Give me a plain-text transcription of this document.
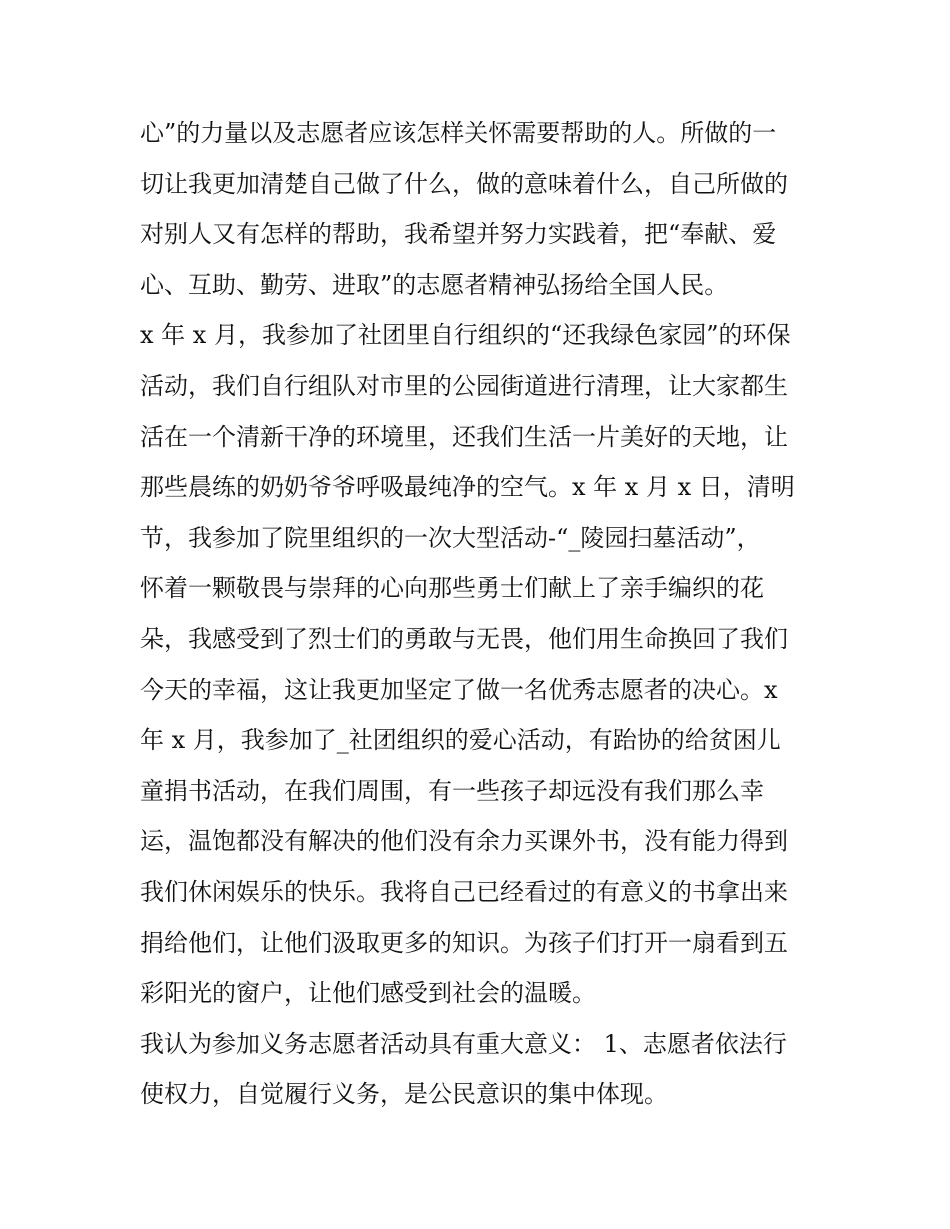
心”的力量以及志愿者应该怎样关怀需要帮助的人。所做的一
切让我更加清楚自己做了什么，做的意味着什么，自己所做的
对别人又有怎样的帮助，我希望并努力实践着，把“奉献、爱
心、互助、勤劳、进取”的志愿者精神弘扬给全国人民。
x 年 x 月，我参加了社团里自行组织的“还我绿色家园”的环保
活动，我们自行组队对市里的公园街道进行清理，让大家都生
活在一个清新干净的环境里，还我们生活一片美好的天地，让
那些晨练的奶奶爷爷呼吸最纯净的空气。x 年 x 月 x 日，清明
节，我参加了院里组织的一次大型活动-“_陵园扫墓活动”，
怀着一颗敬畏与崇拜的心向那些勇士们献上了亲手编织的花
朵，我感受到了烈士们的勇敢与无畏，他们用生命换回了我们
今天的幸福，这让我更加坚定了做一名优秀志愿者的决心。x
年 x 月，我参加了_社团组织的爱心活动，有跆协的给贫困儿
童捐书活动，在我们周围，有一些孩子却远没有我们那么幸
运，温饱都没有解决的他们没有余力买课外书，没有能力得到
我们休闲娱乐的快乐。我将自己已经看过的有意义的书拿出来
捐给他们，让他们汲取更多的知识。为孩子们打开一扇看到五
彩阳光的窗户，让他们感受到社会的温暖。
我认为参加义务志愿者活动具有重大意义： 1、志愿者依法行
使权力，自觉履行义务，是公民意识的集中体现。
